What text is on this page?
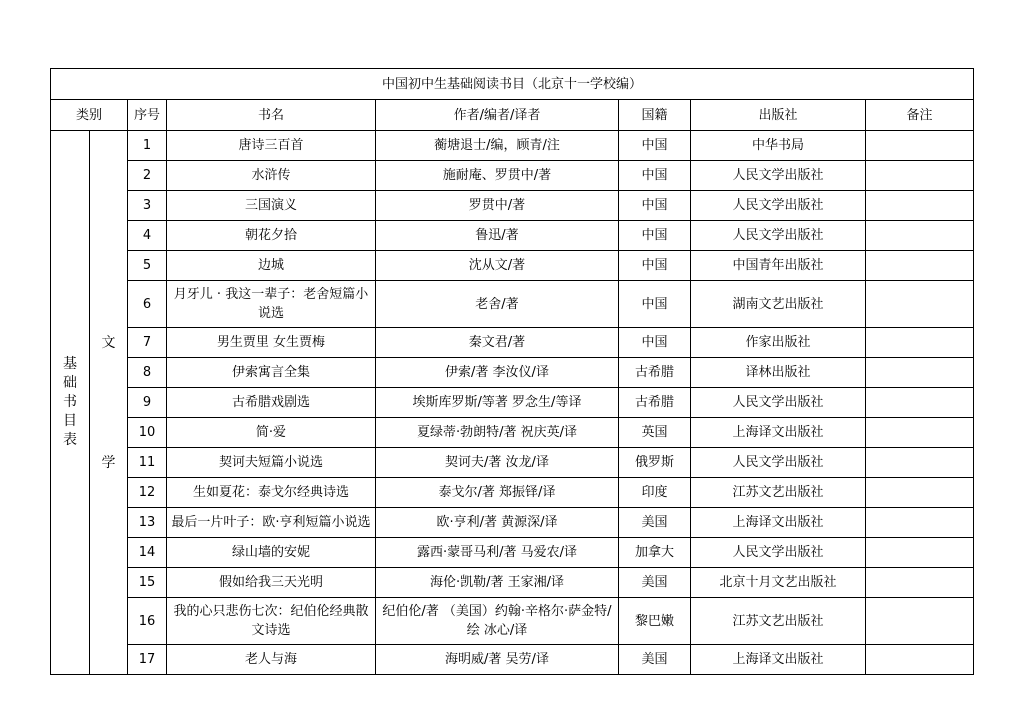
中国初中生基础阅读书目（北京十一学校编）							
类别		序号	书名	作者/编者/译者	国籍	出版社	备注

基
础
书
目
表	文
学	1	唐诗三百首	蘅塘退士/编，顾青/注	中国	中华书局	
		2	水浒传	施耐庵、罗贯中/著	中国	人民文学出版社	
		3	三国演义	罗贯中/著	中国	人民文学出版社	
		4	朝花夕拾	鲁迅/著	中国	人民文学出版社	
		5	边城	沈从文/著	中国	中国青年出版社	
		6	月牙儿 · 我这一辈子：老舍短篇小说选	老舍/著	中国	湖南文艺出版社	
		7	男生贾里 女生贾梅	秦文君/著	中国	作家出版社	
		8	伊索寓言全集	伊索/著 李汝仪/译	古希腊	译林出版社	
		9	古希腊戏剧选	埃斯库罗斯/等著 罗念生/等译	古希腊	人民文学出版社	
		10	简·爱	夏绿蒂·勃朗特/著 祝庆英/译	英国	上海译文出版社	
		11	契诃夫短篇小说选	契诃夫/著 汝龙/译	俄罗斯	人民文学出版社	
		12	生如夏花：泰戈尔经典诗选	泰戈尔/著 郑振铎/译	印度	江苏文艺出版社	
		13	最后一片叶子：欧·亨利短篇小说选	欧·亨利/著 黄源深/译	美国	上海译文出版社	
		14	绿山墙的安妮	露西·蒙哥马利/著 马爱农/译	加拿大	人民文学出版社	
		15	假如给我三天光明	海伦·凯勒/著 王家湘/译	美国	北京十月文艺出版社	
		16	我的心只悲伤七次：纪伯伦经典散文诗选	纪伯伦/著 （美国）约翰·辛格尔·萨金特/绘 冰心/译	黎巴嫩	江苏文艺出版社	
		17	老人与海	海明威/著 吴劳/译	美国	上海译文出版社	
